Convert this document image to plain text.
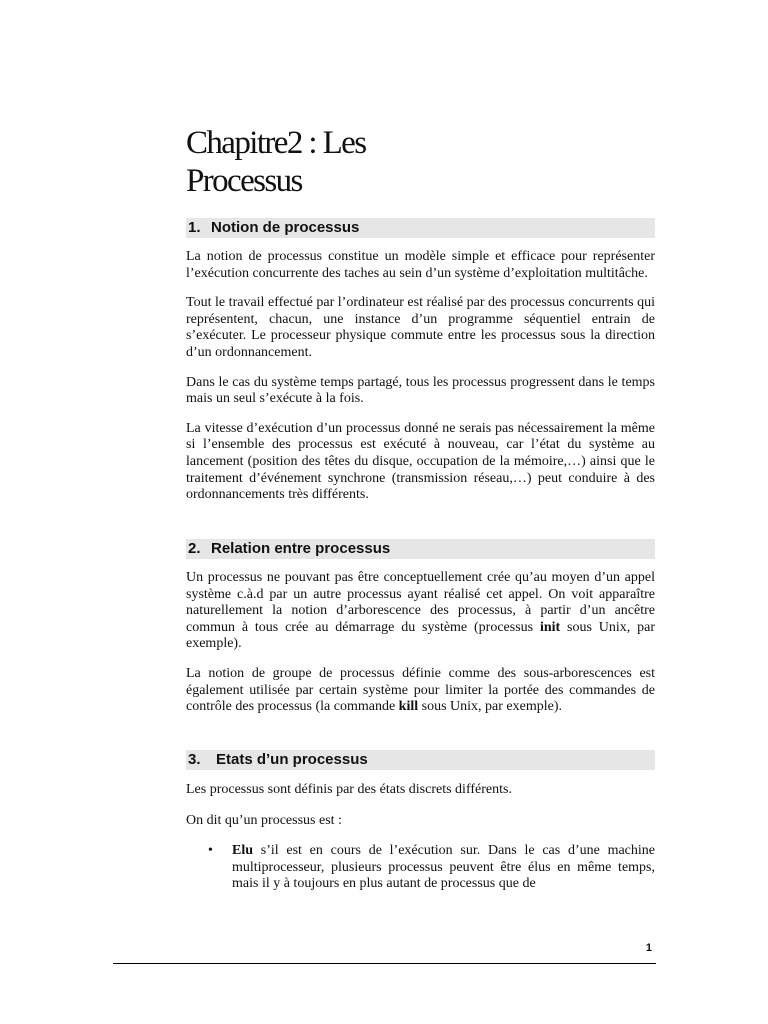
Chapitre2 : Les
Processus
1. Notion de processus

La notion de processus constitue un modèle simple et efficace pour représenter l’exécution concurrente des taches au sein d’un système d’exploitation multitâche.

Tout le travail effectué par l’ordinateur est réalisé par des processus concurrents qui représentent, chacun, une instance d’un programme séquentiel entrain de s’exécuter. Le processeur physique commute entre les processus sous la direction d’un ordonnancement.

Dans le cas du système temps partagé, tous les processus progressent dans le temps mais un seul s’exécute à la fois.

La vitesse d’exécution d’un processus donné ne serais pas nécessairement la même si l’ensemble des processus est exécuté à nouveau, car l’état du système au lancement (position des têtes du disque, occupation de la mémoire,…) ainsi que le traitement d’événement synchrone (transmission réseau,…) peut conduire à des ordonnancements très différents.

2. Relation entre processus

Un processus ne pouvant pas être conceptuellement crée qu’au moyen d’un appel système c.à.d par un autre processus ayant réalisé cet appel. On voit apparaître naturellement la notion d’arborescence des processus, à partir d’un ancêtre commun à tous crée au démarrage du système (processus init sous Unix, par exemple).

La notion de groupe de processus définie comme des sous-arborescences est également utilisée par certain système pour limiter la portée des commandes de contrôle des processus (la commande kill sous Unix, par exemple).

3. Etats d’un processus

Les processus sont définis par des états discrets différents.

On dit qu’un processus est :

• Elu s’il est en cours de l’exécution sur. Dans le cas d’une machine multiprocesseur, plusieurs processus peuvent être élus en même temps, mais il y à toujours en plus autant de processus que de

1
